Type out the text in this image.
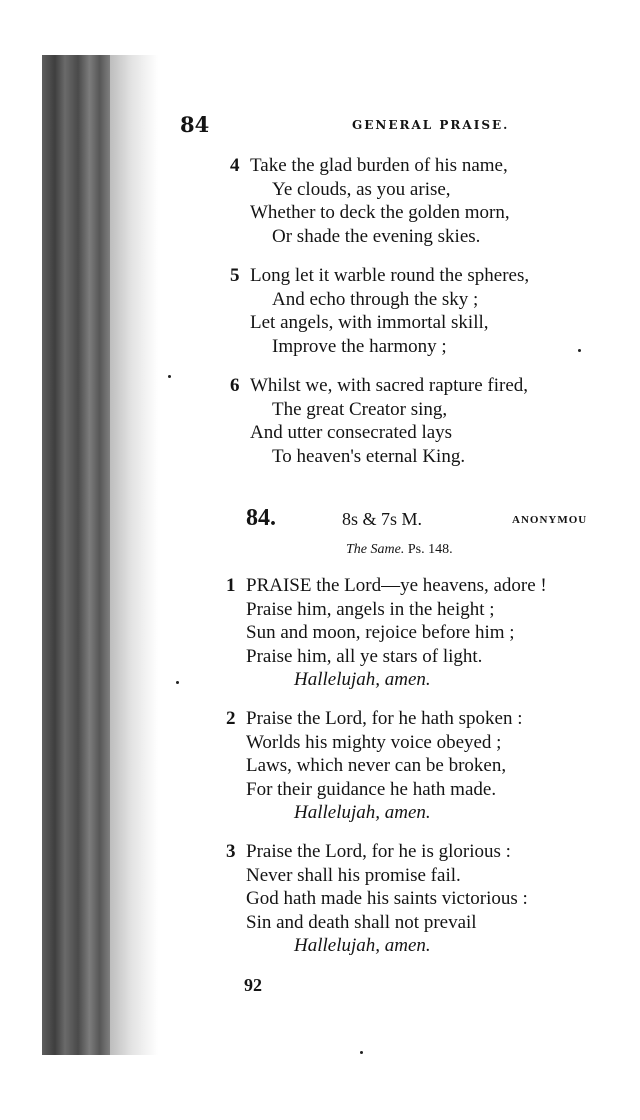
84	GENERAL PRAISE.
4 Take the glad burden of his name,
Ye clouds, as you arise,
Whether to deck the golden morn,
Or shade the evening skies.
5 Long let it warble round the spheres,
And echo through the sky ;
Let angels, with immortal skill,
Improve the harmony ;
6 Whilst we, with sacred rapture fired,
The great Creator sing,
And utter consecrated lays
To heaven's eternal King.
84.	8s & 7s M.	ANONYMOU
The Same. Ps. 148.
1 PRAISE the Lord—ye heavens, adore !
Praise him, angels in the height ;
Sun and moon, rejoice before him ;
Praise him, all ye stars of light.
Hallelujah, amen.
2 Praise the Lord, for he hath spoken :
Worlds his mighty voice obeyed ;
Laws, which never can be broken,
For their guidance he hath made.
Hallelujah, amen.
3 Praise the Lord, for he is glorious :
Never shall his promise fail.
God hath made his saints victorious :
Sin and death shall not prevail
Hallelujah, amen.
92
